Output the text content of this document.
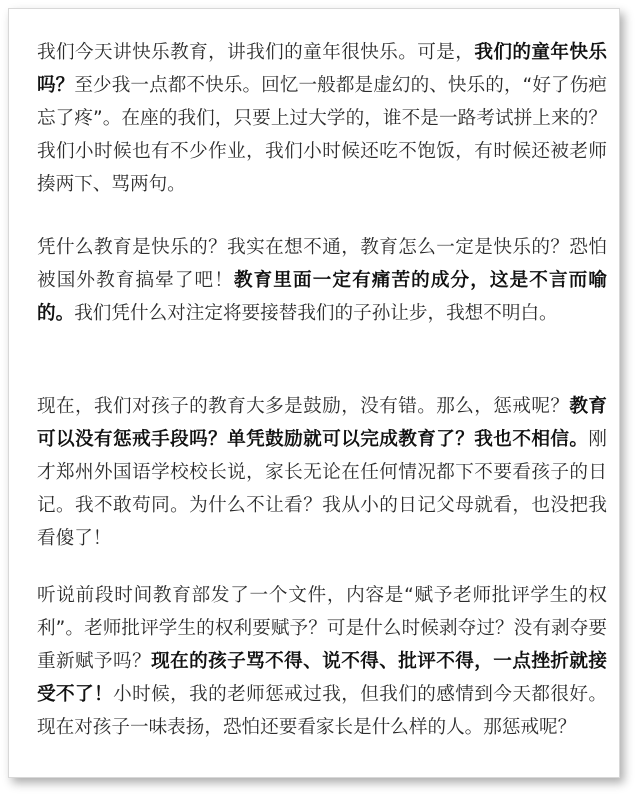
我们今天讲快乐教育，讲我们的童年很快乐。可是，我们的童年快乐吗？至少我一点都不快乐。回忆一般都是虚幻的、快乐的，“好了伤疤忘了疼”。在座的我们，只要上过大学的，谁不是一路考试拼上来的？我们小时候也有不少作业，我们小时候还吃不饱饭，有时候还被老师揍两下、骂两句。

凭什么教育是快乐的？我实在想不通，教育怎么一定是快乐的？恐怕被国外教育搞晕了吧！教育里面一定有痛苦的成分，这是不言而喻的。我们凭什么对注定将要接替我们的子孙让步，我想不明白。

现在，我们对孩子的教育大多是鼓励，没有错。那么，惩戒呢？教育可以没有惩戒手段吗？单凭鼓励就可以完成教育了？我也不相信。刚才郑州外国语学校校长说，家长无论在任何情况都下不要看孩子的日记。我不敢苟同。为什么不让看？我从小的日记父母就看，也没把我看傻了！

听说前段时间教育部发了一个文件，内容是“赋予老师批评学生的权利”。老师批评学生的权利要赋予？可是什么时候剥夺过？没有剥夺要重新赋予吗？现在的孩子骂不得、说不得、批评不得，一点挫折就接受不了！小时候，我的老师惩戒过我，但我们的感情到今天都很好。现在对孩子一味表扬，恐怕还要看家长是什么样的人。那惩戒呢？
